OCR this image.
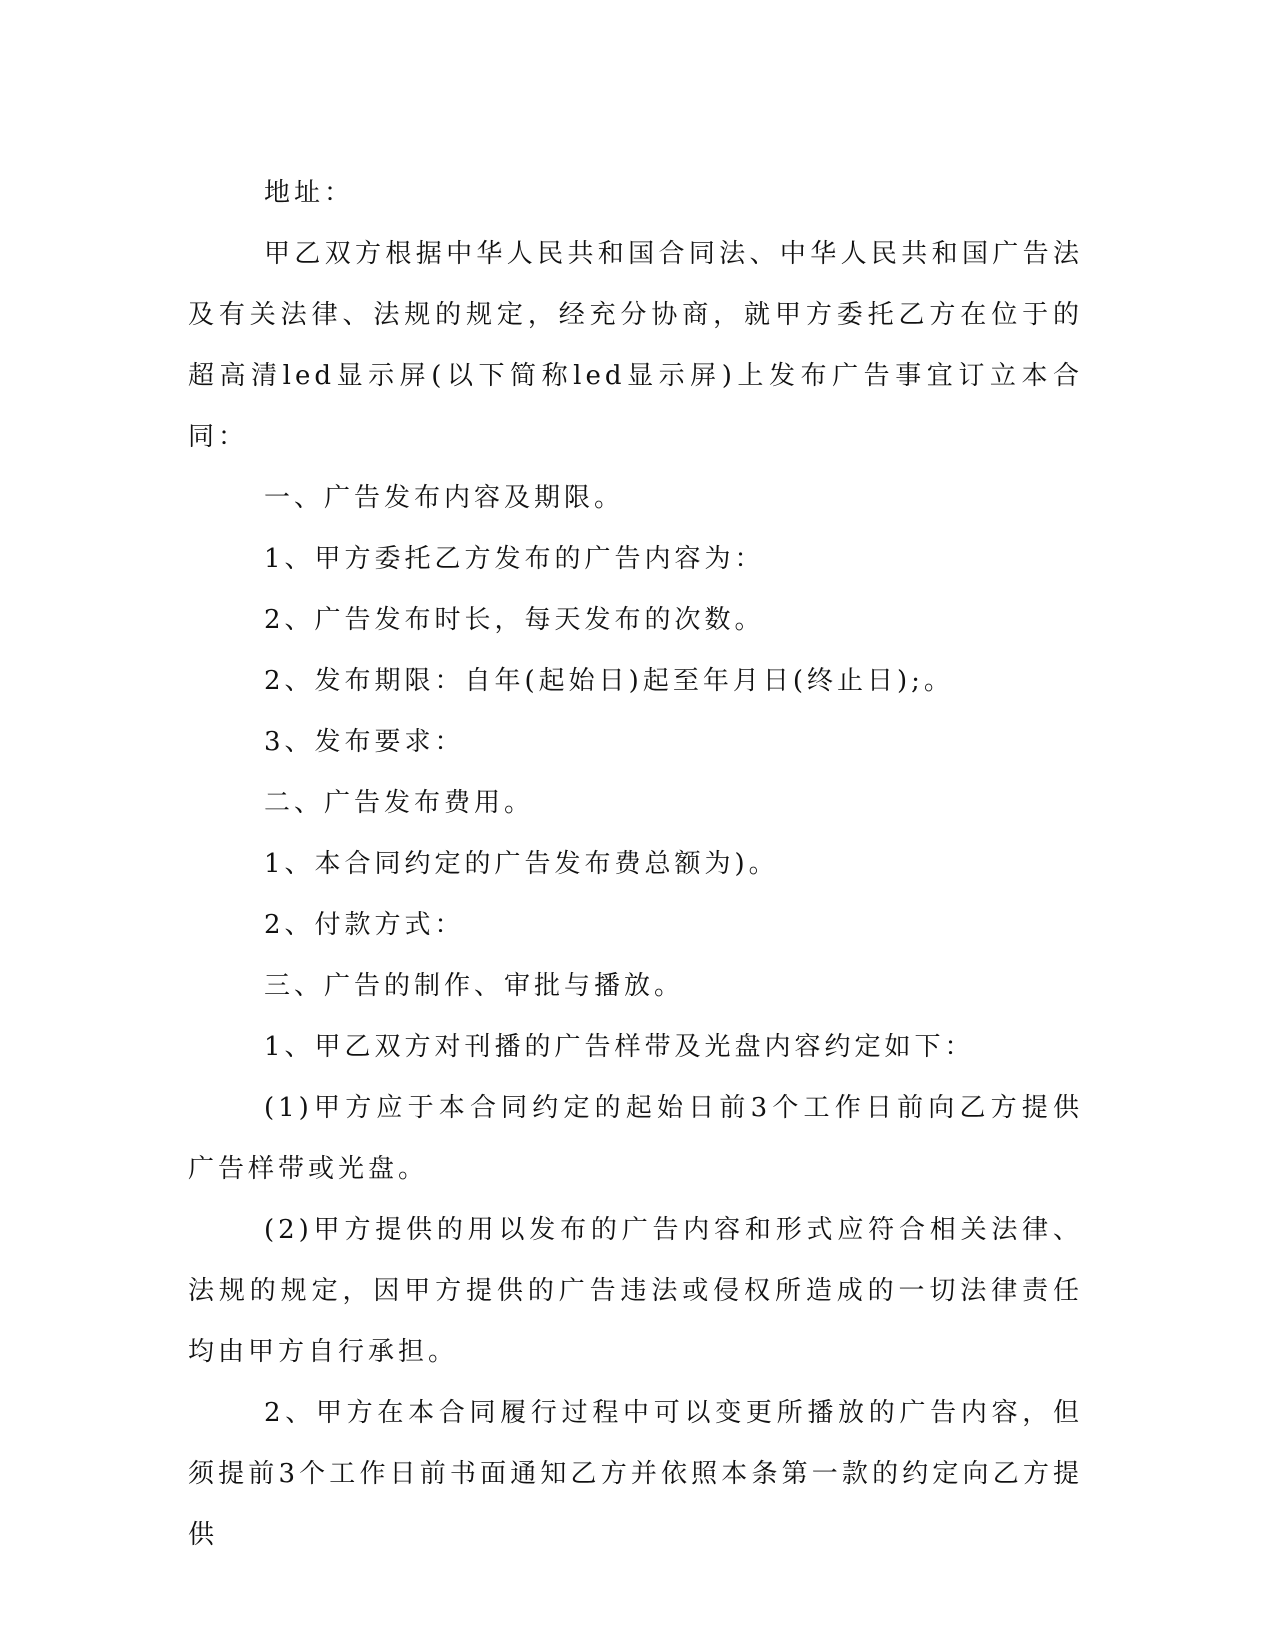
地址：

甲乙双方根据中华人民共和国合同法、中华人民共和国广告法及有关法律、法规的规定，经充分协商，就甲方委托乙方在位于的超高清led显示屏(以下简称led显示屏)上发布广告事宜订立本合同：

一、广告发布内容及期限。

1、甲方委托乙方发布的广告内容为：

2、广告发布时长，每天发布的次数。

2、发布期限：自年(起始日)起至年月日(终止日);。

3、发布要求：

二、广告发布费用。

1、本合同约定的广告发布费总额为)。

2、付款方式：

三、广告的制作、审批与播放。

1、甲乙双方对刊播的广告样带及光盘内容约定如下：

(1)甲方应于本合同约定的起始日前3个工作日前向乙方提供广告样带或光盘。

(2)甲方提供的用以发布的广告内容和形式应符合相关法律、法规的规定，因甲方提供的广告违法或侵权所造成的一切法律责任均由甲方自行承担。

2、甲方在本合同履行过程中可以变更所播放的广告内容，但须提前3个工作日前书面通知乙方并依照本条第一款的约定向乙方提供
